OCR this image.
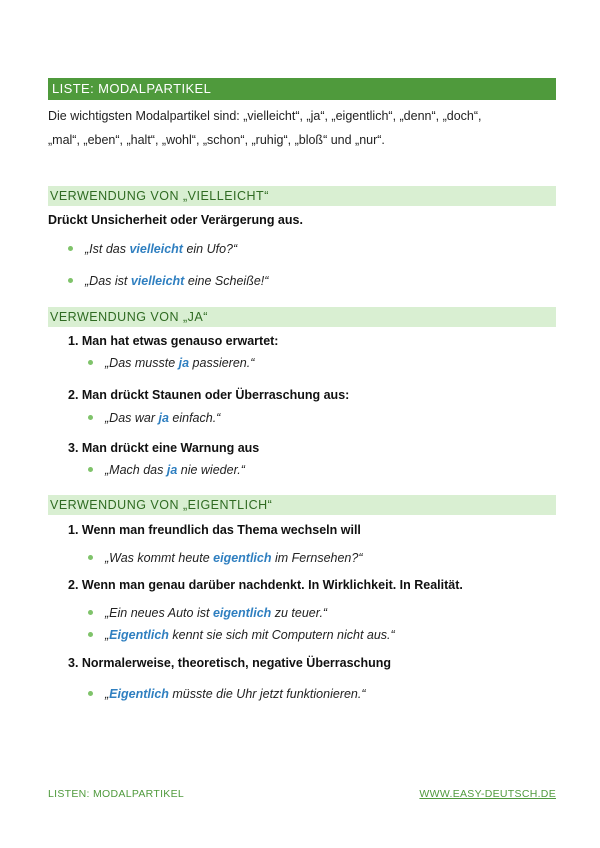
LISTE: MODALPARTIKEL
Die wichtigsten Modalpartikel sind: „vielleicht“, „ja“, „eigentlich“, „denn“, „doch“,
„mal“, „eben“, „halt“, „wohl“, „schon“, „ruhig“, „bloß“ und „nur“.
VERWENDUNG VON „VIELLEICHT“
Drückt Unsicherheit oder Verärgerung aus.
„Ist das vielleicht ein Ufo?“
„Das ist vielleicht eine Scheiße!“
VERWENDUNG VON „JA“
1. Man hat etwas genauso erwartet:
„Das musste ja passieren.“
2. Man drückt Staunen oder Überraschung aus:
„Das war ja einfach.“
3. Man drückt eine Warnung aus
„Mach das ja nie wieder.“
VERWENDUNG VON „EIGENTLICH“
1. Wenn man freundlich das Thema wechseln will
„Was kommt heute eigentlich im Fernsehen?“
2. Wenn man genau darüber nachdenkt. In Wirklichkeit. In Realität.
„Ein neues Auto ist eigentlich zu teuer.“
„Eigentlich kennt sie sich mit Computern nicht aus.“
3. Normalerweise, theoretisch, negative Überraschung
„Eigentlich müsste die Uhr jetzt funktionieren.“
LISTEN: MODALPARTIKEL	WWW.EASY-DEUTSCH.DE
